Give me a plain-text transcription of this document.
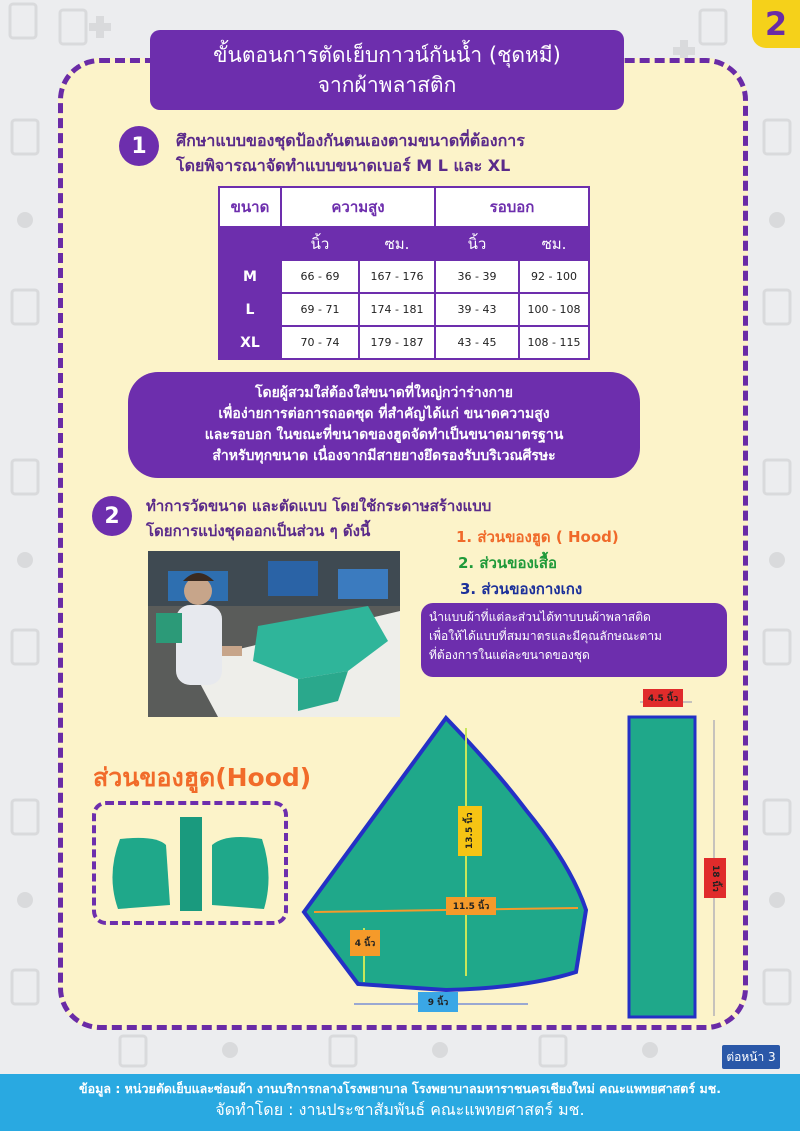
2
ขั้นตอนการตัดเย็บกาวน์กันน้ำ (ชุดหมี)
จากผ้าพลาสติก
1	ศึกษาแบบของชุดป้องกันตนเองตามขนาดที่ต้องการ
โดยพิจารณาจัดทำแบบขนาดเบอร์ M L และ XL
ขนาด	ความสูง		รอบอก	
	นิ้ว	ซม.	นิ้ว	ซม.
M	66 - 69	167 - 176	36 - 39	92 - 100
L	69 - 71	174 - 181	39 - 43	100 - 108
XL	70 - 74	179 - 187	43 - 45	108 - 115
โดยผู้สวมใส่ต้องใส่ขนาดที่ใหญ่กว่าร่างกาย
เพื่อง่ายการต่อการถอดชุด ที่สำคัญได้แก่ ขนาดความสูง
และรอบอก ในขณะที่ขนาดของฮูดจัดทำเป็นขนาดมาตรฐาน
สำหรับทุกขนาด เนื่องจากมีสายยางยึดรองรับบริเวณศีรษะ
2	ทำการวัดขนาด และตัดแบบ โดยใช้กระดาษสร้างแบบ
โดยการแบ่งชุดออกเป็นส่วน ๆ ดังนี้	1. ส่วนของฮูด ( Hood)
2. ส่วนของเสื้อ
3. ส่วนของกางเกง
นำแบบผ้าที่แต่ละส่วนได้ทาบบนผ้าพลาสติด
เพื่อให้ได้แบบที่สมมาตรและมีคุณลักษณะตาม
ที่ต้องการในแต่ละขนาดของชุด
ส่วนของฮูด(Hood)
13.5 นิ้ว
11.5 นิ้ว
4 นิ้ว
9 นิ้ว
4.5 นิ้ว
18 นิ้ว
ต่อหน้า 3
ข้อมูล : หน่วยตัดเย็บและซ่อมผ้า งานบริการกลางโรงพยาบาล โรงพยาบาลมหาราชนครเชียงใหม่ คณะแพทยศาสตร์ มช.
จัดทำโดย : งานประชาสัมพันธ์ คณะแพทยศาสตร์ มช.
